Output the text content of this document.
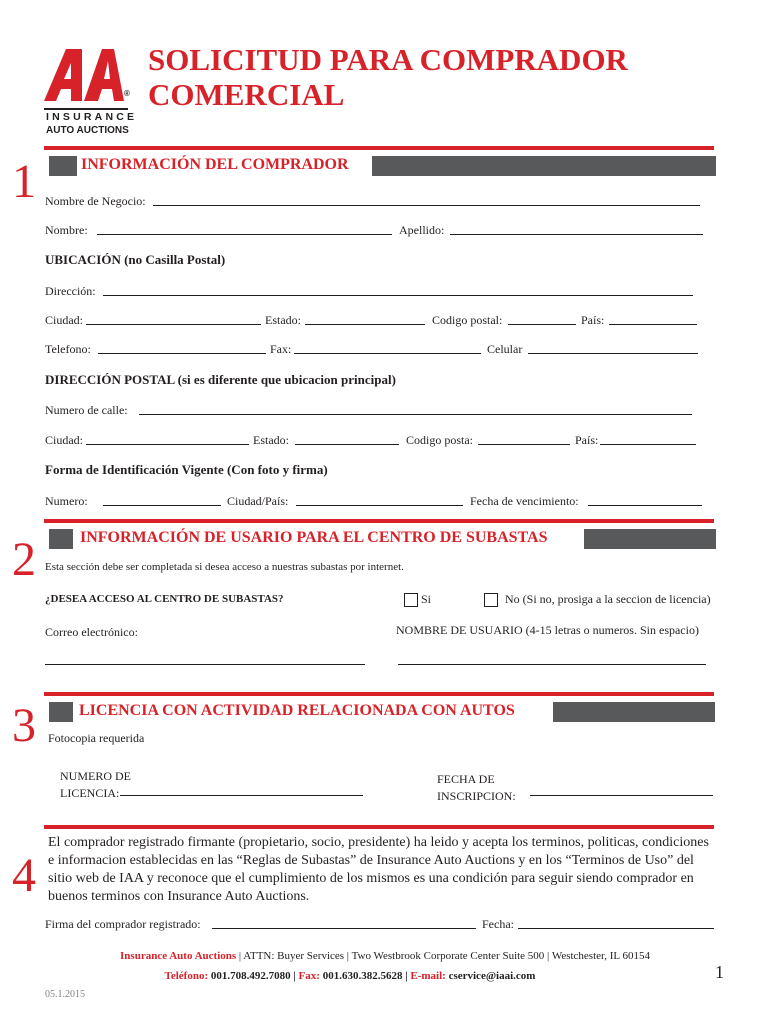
®
INSURANCE
AUTO AUCTIONS
SOLICITUD PARA COMPRADOR
COMERCIAL
1	INFORMACIÓN DEL COMPRADOR
Nombre de Negocio:
Nombre:	Apellido:
UBICACIÓN (no Casilla Postal)
Dirección:
Ciudad:	Estado:	Codigo postal:	País:
Telefono:	Fax:	Celular
DIRECCIÓN POSTAL (si es diferente que ubicacion principal)
Numero de calle:
Ciudad:	Estado:	Codigo posta:	País:
Forma de Identificación Vigente (Con foto y firma)
Numero:	Ciudad/País:	Fecha de vencimiento:
2	INFORMACIÓN DE USARIO PARA EL CENTRO DE SUBASTAS
Esta sección debe ser completada si desea acceso a nuestras subastas por internet.
¿DESEA ACCESO AL CENTRO DE SUBASTAS?	Si	No (Si no, prosiga a la seccion de licencia)
Correo electrónico:	NOMBRE DE USUARIO (4-15 letras o numeros. Sin espacio)
3	LICENCIA CON ACTIVIDAD RELACIONADA CON AUTOS
Fotocopia requerida
NUMERO DE
LICENCIA:
FECHA DE
INSCRIPCION:
4
El comprador registrado firmante (propietario, socio, presidente) ha leido y acepta los terminos, politicas, condiciones e informacion establecidas en las “Reglas de Subastas” de Insurance Auto Auctions y en los “Terminos de Uso” del sitio web de IAA y reconoce que el cumplimiento de los mismos es una condición para seguir siendo comprador en buenos terminos con Insurance Auto Auctions.
Firma del comprador registrado:	Fecha:
Insurance Auto Auctions | ATTN: Buyer Services | Two Westbrook Corporate Center Suite 500 | Westchester, IL 60154
Teléfono: 001.708.492.7080 | Fax: 001.630.382.5628 | E-mail: cservice@iaai.com	1
05.1.2015
